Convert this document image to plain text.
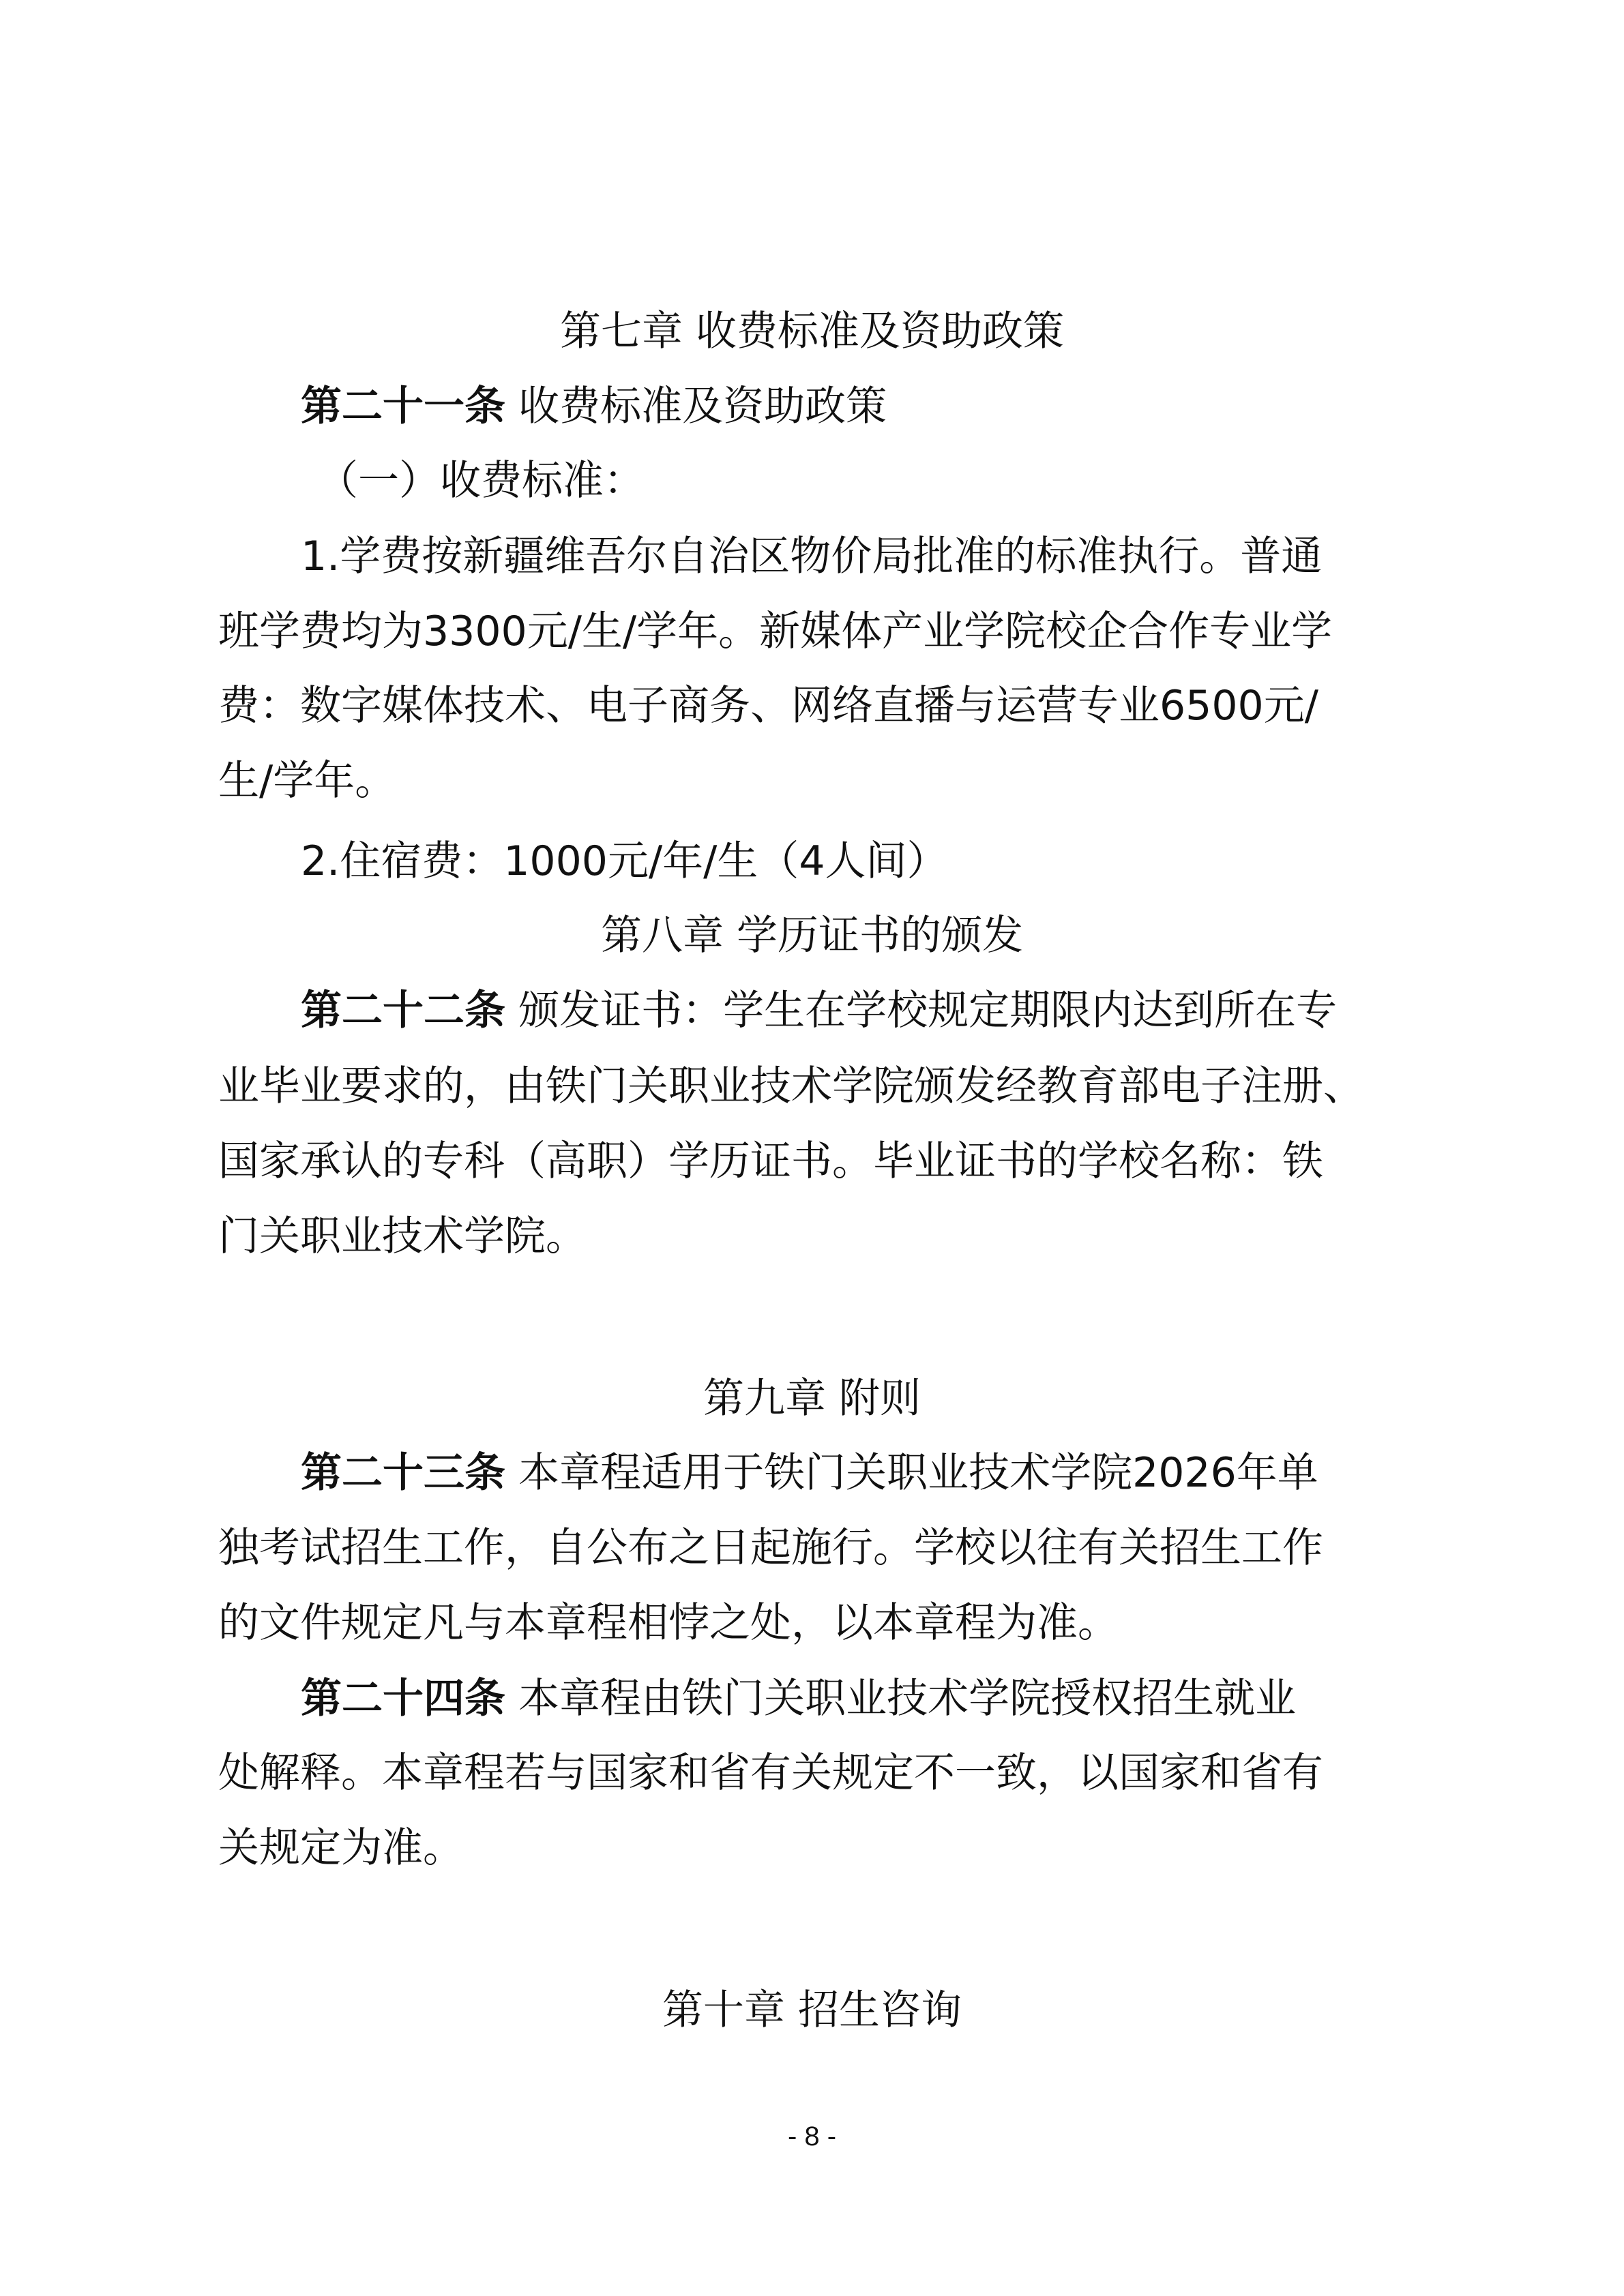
第七章 收费标准及资助政策
第二十一条 收费标准及资助政策
（一）收费标准：
1.学费按新疆维吾尔自治区物价局批准的标准执行。普通
班学费均为3300元/生/学年。新媒体产业学院校企合作专业学
费：数字媒体技术、电子商务、网络直播与运营专业6500元/
生/学年。
2.住宿费：1000元/年/生（4人间）
第八章 学历证书的颁发
第二十二条 颁发证书：学生在学校规定期限内达到所在专
业毕业要求的，由铁门关职业技术学院颁发经教育部电子注册、
国家承认的专科（高职）学历证书。毕业证书的学校名称：铁
门关职业技术学院。
第九章 附则
第二十三条 本章程适用于铁门关职业技术学院2026年单
独考试招生工作，自公布之日起施行。学校以往有关招生工作
的文件规定凡与本章程相悖之处，以本章程为准。
第二十四条 本章程由铁门关职业技术学院授权招生就业
处解释。本章程若与国家和省有关规定不一致，以国家和省有
关规定为准。
第十章 招生咨询
- 8 -
